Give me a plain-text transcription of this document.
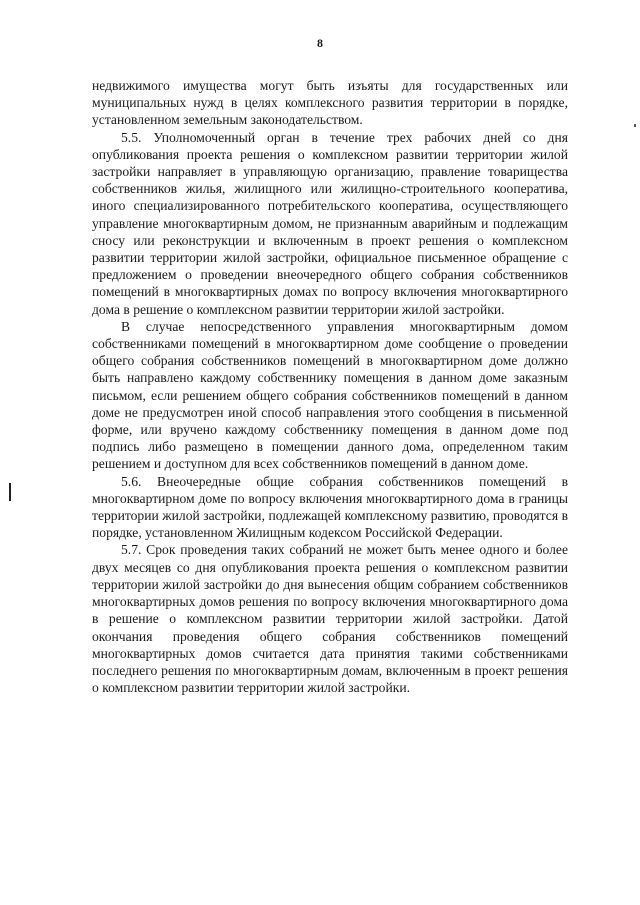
8

недвижимого имущества могут быть изъяты для государственных или муниципальных нужд в целях комплексного развития территории в порядке, установленном земельным законодательством.

5.5. Уполномоченный орган в течение трех рабочих дней со дня опубликования проекта решения о комплексном развитии территории жилой застройки направляет в управляющую организацию, правление товарищества собственников жилья, жилищного или жилищно-строительного кооператива, иного специализированного потребительского кооператива, осуществляющего управление многоквартирным домом, не признанным аварийным и подлежащим сносу или реконструкции и включенным в проект решения о комплексном развитии территории жилой застройки, официальное письменное обращение с предложением о проведении внеочередного общего собрания собственников помещений в многоквартирных домах по вопросу включения многоквартирного дома в решение о комплексном развитии территории жилой застройки.

В случае непосредственного управления многоквартирным домом собственниками помещений в многоквартирном доме сообщение о проведении общего собрания собственников помещений в многоквартирном доме должно быть направлено каждому собственнику помещения в данном доме заказным письмом, если решением общего собрания собственников помещений в данном доме не предусмотрен иной способ направления этого сообщения в письменной форме, или вручено каждому собственнику помещения в данном доме под подпись либо размещено в помещении данного дома, определенном таким решением и доступном для всех собственников помещений в данном доме.

5.6. Внеочередные общие собрания собственников помещений в многоквартирном доме по вопросу включения многоквартирного дома в границы территории жилой застройки, подлежащей комплексному развитию, проводятся в порядке, установленном Жилищным кодексом Российской Федерации.

5.7. Срок проведения таких собраний не может быть менее одного и более двух месяцев со дня опубликования проекта решения о комплексном развитии территории жилой застройки до дня вынесения общим собранием собственников многоквартирных домов решения по вопросу включения многоквартирного дома в решение о комплексном развитии территории жилой застройки. Датой окончания проведения общего собрания собственников помещений многоквартирных домов считается дата принятия такими собственниками последнего решения по многоквартирным домам, включенным в проект решения о комплексном развитии территории жилой застройки.
